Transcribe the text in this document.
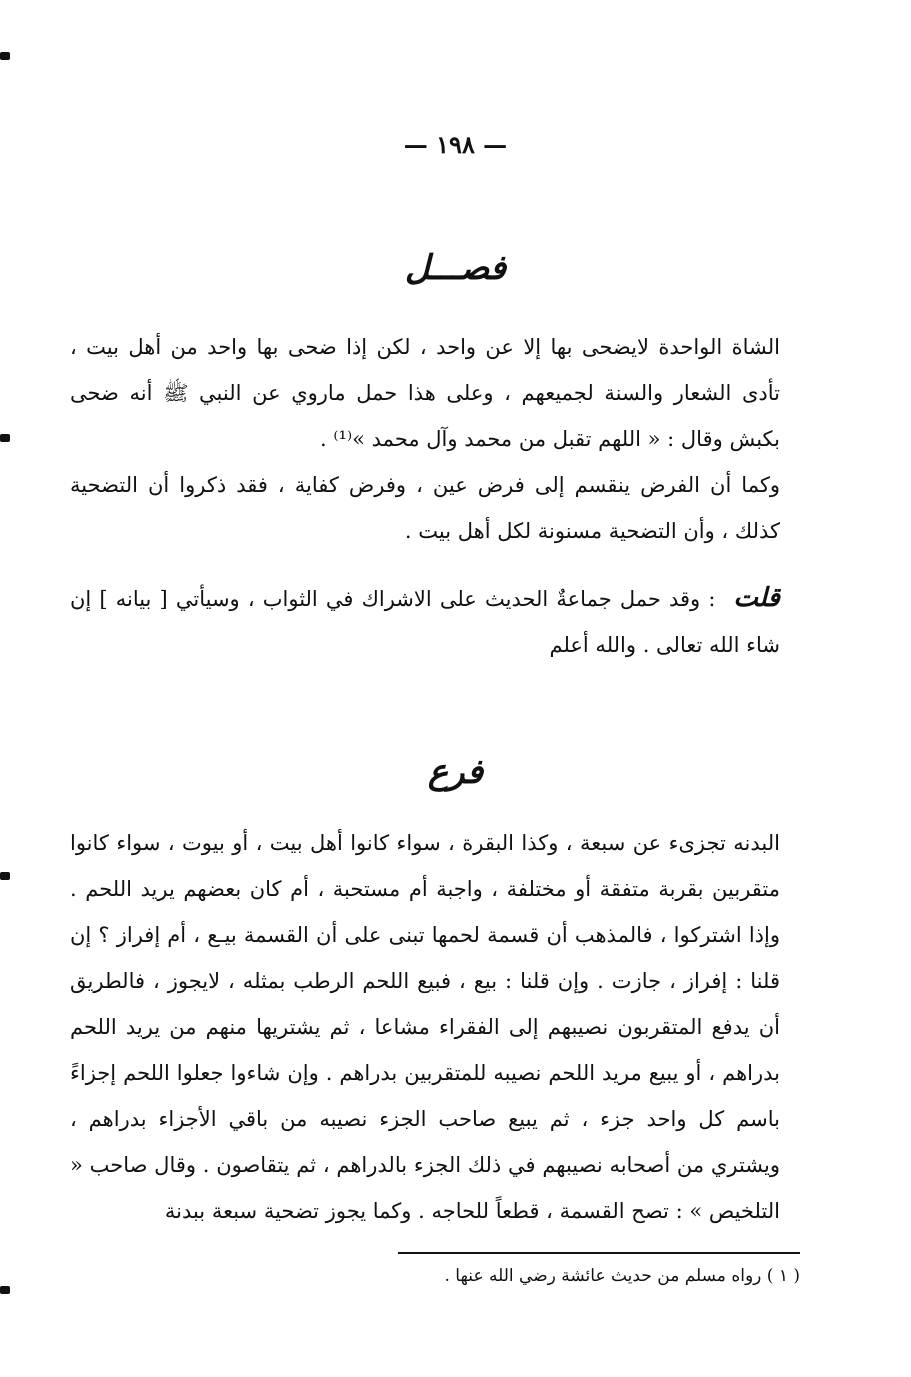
— ١٩٨ —
فصـــل

الشاة الواحدة لايضحى بها إلا عن واحد ، لكن إذا ضحى بها واحد من أهل بيت ، تأدى الشعار والسنة لجميعهم ، وعلى هذا حمل ماروي عن النبي ﷺ أنه ضحى بكبش وقال : « اللهم تقبل من محمد وآل محمد »⁽¹⁾ .

وكما أن الفرض ينقسم إلى فرض عين ، وفرض كفاية ، فقد ذكروا أن التضحية كذلك ، وأن التضحية مسنونة لكل أهل بيت .

قلت: وقد حمل جماعةٌ الحديث على الاشراك في الثواب ، وسيأتي [ بيانه ] إن شاء الله تعالى . والله أعلم

فرع

البدنه تجزىء عن سبعة ، وكذا البقرة ، سواء كانوا أهل بيت ، أو بيوت ، سواء كانوا متقربين بقربة متفقة أو مختلفة ، واجبة أم مستحبة ، أم كان بعضهم يريد اللحم . وإذا اشتركوا ، فالمذهب أن قسمة لحمها تبنى على أن القسمة بيـع ، أم إفراز ؟ إن قلنا : إفراز ، جازت . وإن قلنا : بيع ، فبيع اللحم الرطب بمثله ، لايجوز ، فالطريق أن يدفع المتقربون نصيبهم إلى الفقراء مشاعا ، ثم يشتريها منهم من يريد اللحم بدراهم ، أو يبيع مريد اللحم نصيبه للمتقربين بدراهم . وإن شاءوا جعلوا اللحم إجزاءً باسم كل واحد جزء ، ثم يبيع صاحب الجزء نصيبه من باقي الأجزاء بدراهم ، ويشتري من أصحابه نصيبهم في ذلك الجزء بالدراهم ، ثم يتقاصون . وقال صاحب « التلخيص » : تصح القسمة ، قطعاً للحاجه . وكما يجوز تضحية سبعة ببدنة

( ١ ) رواه مسلم من حديث عائشة رضي الله عنها .
